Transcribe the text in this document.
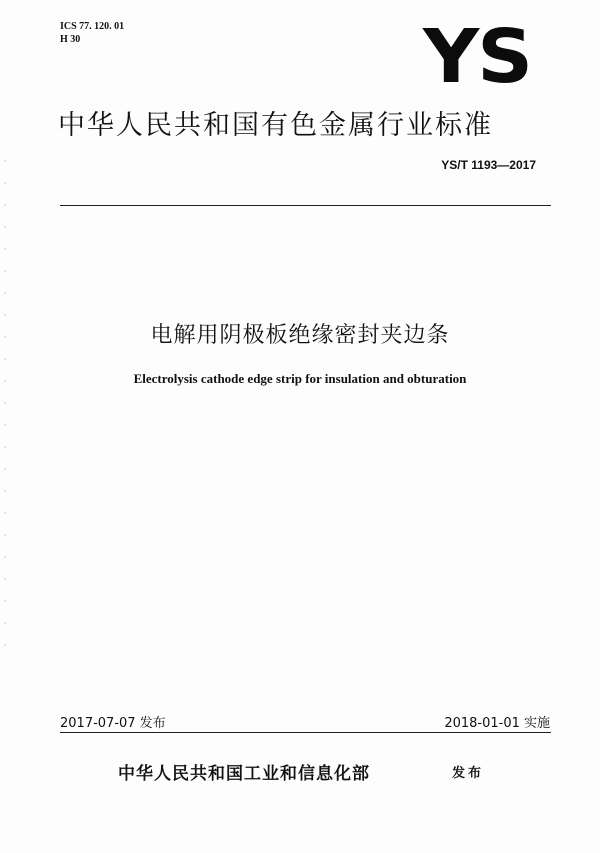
ICS 77. 120. 01
H 30	YS
中华人民共和国有色金属行业标准
YS/T 1193—2017
电解用阴极板绝缘密封夹边条
Electrolysis cathode edge strip for insulation and obturation
2017-07-07 发布	2018-01-01 实施
中华人民共和国工业和信息化部	发布
